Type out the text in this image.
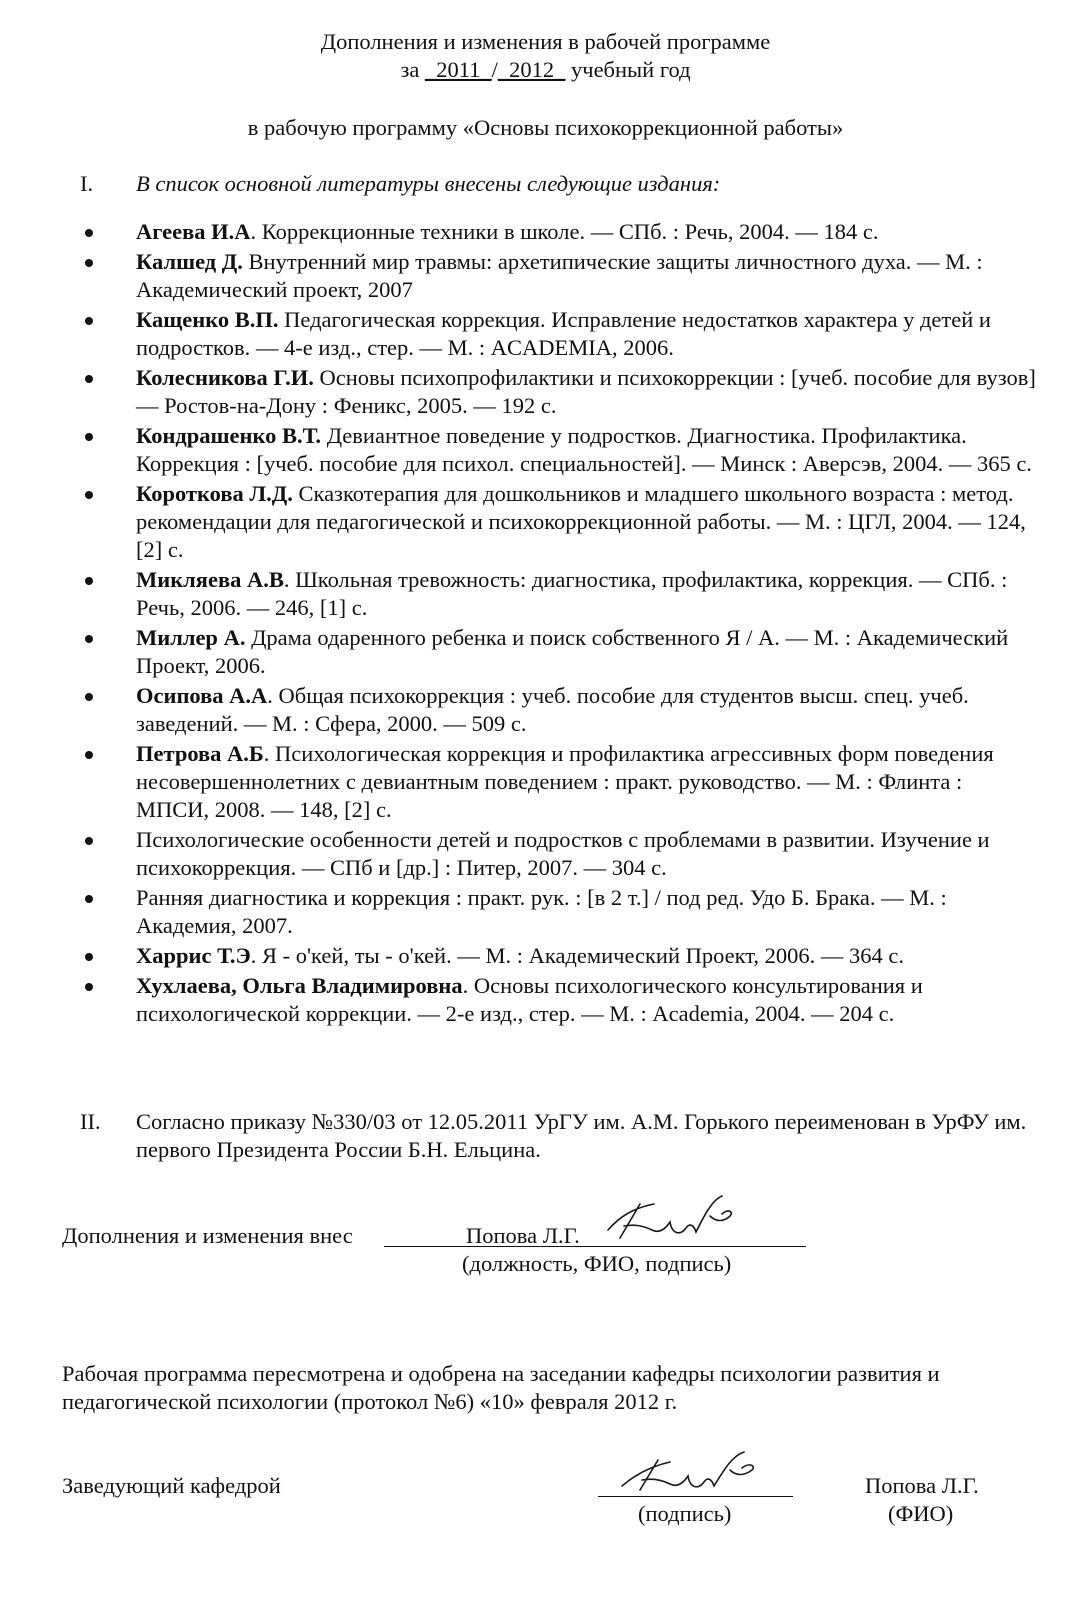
Дополнения и изменения в рабочей программе
за _2011_/_2012_ учебный год
в рабочую программу «Основы психокоррекционной работы»
I. В список основной литературы внесены следующие издания:
Агеева И.А. Коррекционные техники в школе. — СПб. : Речь, 2004. — 184 с.
Калшед Д. Внутренний мир травмы: архетипические защиты личностного духа. — М. : Академический проект, 2007
Кащенко В.П. Педагогическая коррекция. Исправление недостатков характера у детей и подростков. — 4-е изд., стер. — М. : ACADEMIA, 2006.
Колесникова Г.И. Основы психопрофилактики и психокоррекции : [учеб. пособие для вузов] — Ростов-на-Дону : Феникс, 2005. — 192 с.
Кондрашенко В.Т. Девиантное поведение у подростков. Диагностика. Профилактика. Коррекция : [учеб. пособие для психол. специальностей]. — Минск : Аверсэв, 2004. — 365 с.
Короткова Л.Д. Сказкотерапия для дошкольников и младшего школьного возраста : метод. рекомендации для педагогической и психокоррекционной работы. — М. : ЦГЛ, 2004. — 124, [2] с.
Микляева А.В. Школьная тревожность: диагностика, профилактика, коррекция. — СПб. : Речь, 2006. — 246, [1] с.
Миллер А. Драма одаренного ребенка и поиск собственного Я / А. — М. : Академический Проект, 2006.
Осипова А.А. Общая психокоррекция : учеб. пособие для студентов высш. спец. учеб. заведений. — М. : Сфера, 2000. — 509 с.
Петрова А.Б. Психологическая коррекция и профилактика агрессивных форм поведения несовершеннолетних с девиантным поведением : практ. руководство. — М. : Флинта : МПСИ, 2008. — 148, [2] с.
Психологические особенности детей и подростков с проблемами в развитии. Изучение и психокоррекция. — СПб и [др.] : Питер, 2007. — 304 с.
Ранняя диагностика и коррекция : практ. рук. : [в 2 т.] / под ред. Удо Б. Брака. — М. : Академия, 2007.
Харрис Т.Э. Я - о'кей, ты - о'кей. — М. : Академический Проект, 2006. — 364 с.
Хухлаева, Ольга Владимировна. Основы психологического консультирования и психологической коррекции. — 2-е изд., стер. — М. : Academia, 2004. — 204 с.
II. Согласно приказу №330/03 от 12.05.2011 УрГУ им. А.М. Горького переименован в УрФУ им. первого Президента России Б.Н. Ельцина.
Дополнения и изменения внес	Попова Л.Г.
(должность, ФИО, подпись)
Рабочая программа пересмотрена и одобрена на заседании кафедры психологии развития и педагогической психологии (протокол №6) «10» февраля 2012 г.
Заведующий кафедрой
(подпись)
Попова Л.Г.
(ФИО)
